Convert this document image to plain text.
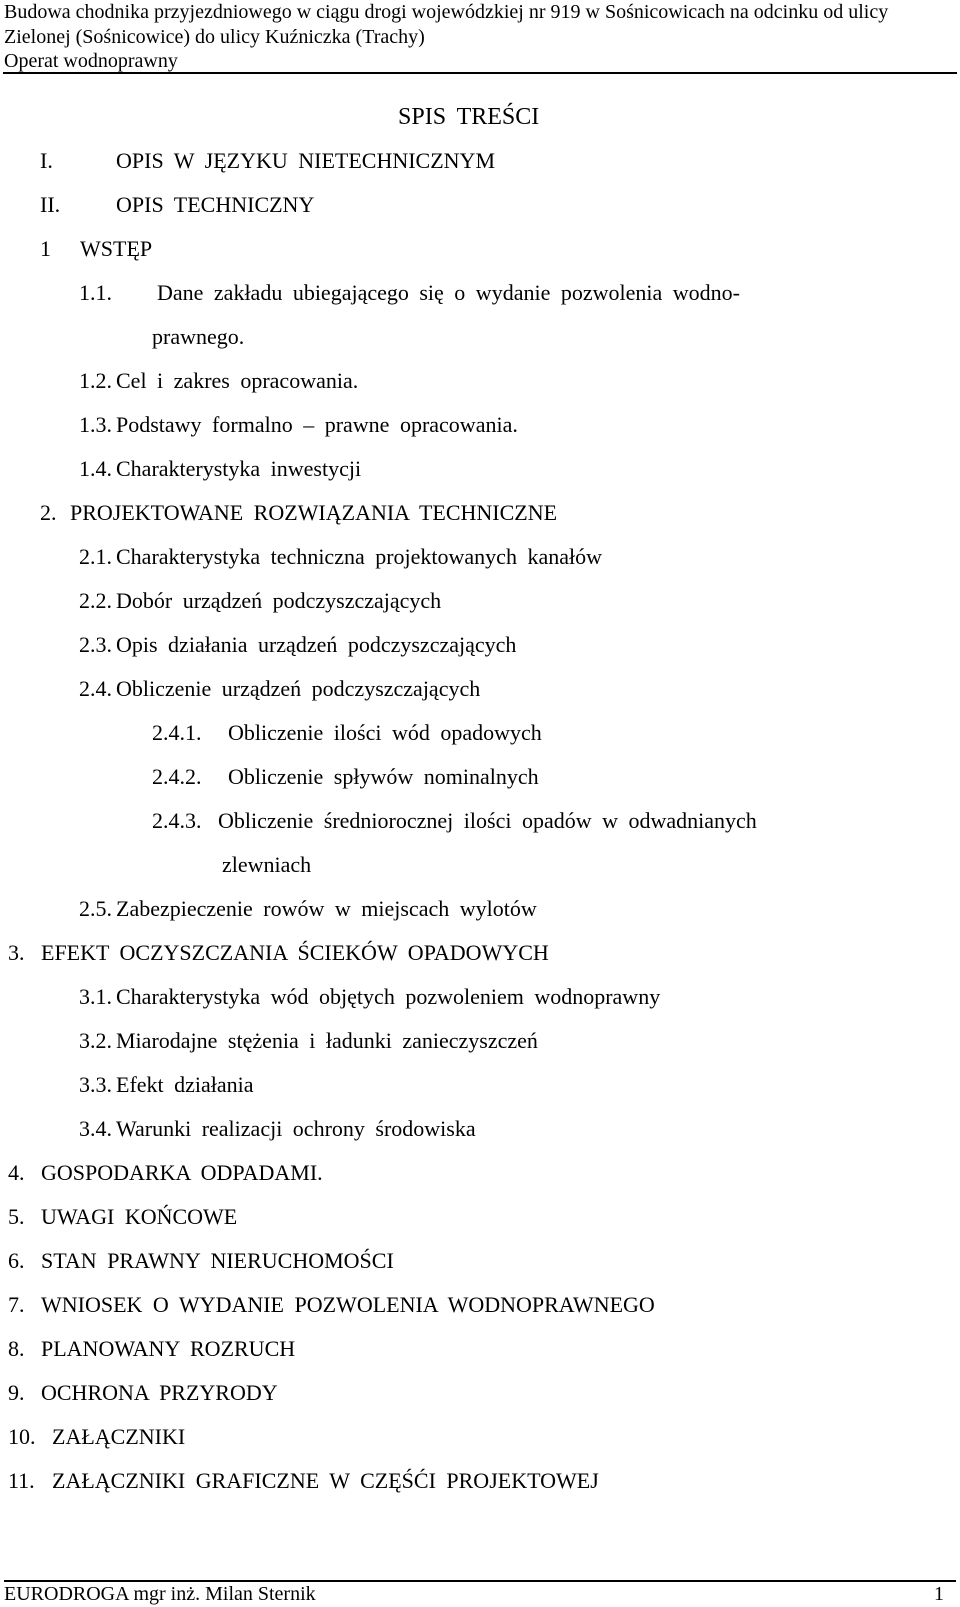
Budowa chodnika przyjezdniowego w ciągu drogi wojewódzkiej nr 919 w Sośnicowicach na odcinku od ulicy
Zielonej (Sośnicowice) do ulicy Kuźniczka (Trachy)
Operat wodnoprawny
SPIS TREŚCI
I.	OPIS W JĘZYKU NIETECHNICZNYM
II.	OPIS TECHNICZNY
1 WSTĘP
1.1. Dane zakładu ubiegającego się o wydanie pozwolenia wodno-
prawnego.
1.2. Cel i zakres opracowania.
1.3. Podstawy formalno – prawne opracowania.
1.4. Charakterystyka inwestycji
2. PROJEKTOWANE ROZWIĄZANIA TECHNICZNE
2.1. Charakterystyka techniczna projektowanych kanałów
2.2. Dobór urządzeń podczyszczających
2.3. Opis działania urządzeń podczyszczających
2.4. Obliczenie urządzeń podczyszczających
2.4.1. Obliczenie ilości wód opadowych
2.4.2. Obliczenie spływów nominalnych
2.4.3. Obliczenie średniorocznej ilości opadów w odwadnianych
zlewniach
2.5. Zabezpieczenie rowów w miejscach wylotów
3. EFEKT OCZYSZCZANIA ŚCIEKÓW OPADOWYCH
3.1. Charakterystyka wód objętych pozwoleniem wodnoprawny
3.2. Miarodajne stężenia i ładunki zanieczyszczeń
3.3. Efekt działania
3.4. Warunki realizacji ochrony środowiska
4. GOSPODARKA ODPADAMI.
5. UWAGI KOŃCOWE
6. STAN PRAWNY NIERUCHOMOŚCI
7. WNIOSEK O WYDANIE POZWOLENIA WODNOPRAWNEGO
8. PLANOWANY ROZRUCH
9. OCHRONA PRZYRODY
10. ZAŁĄCZNIKI
11. ZAŁĄCZNIKI GRAFICZNE W CZĘŚĆI PROJEKTOWEJ
EURODROGA mgr inż. Milan Sternik	1
